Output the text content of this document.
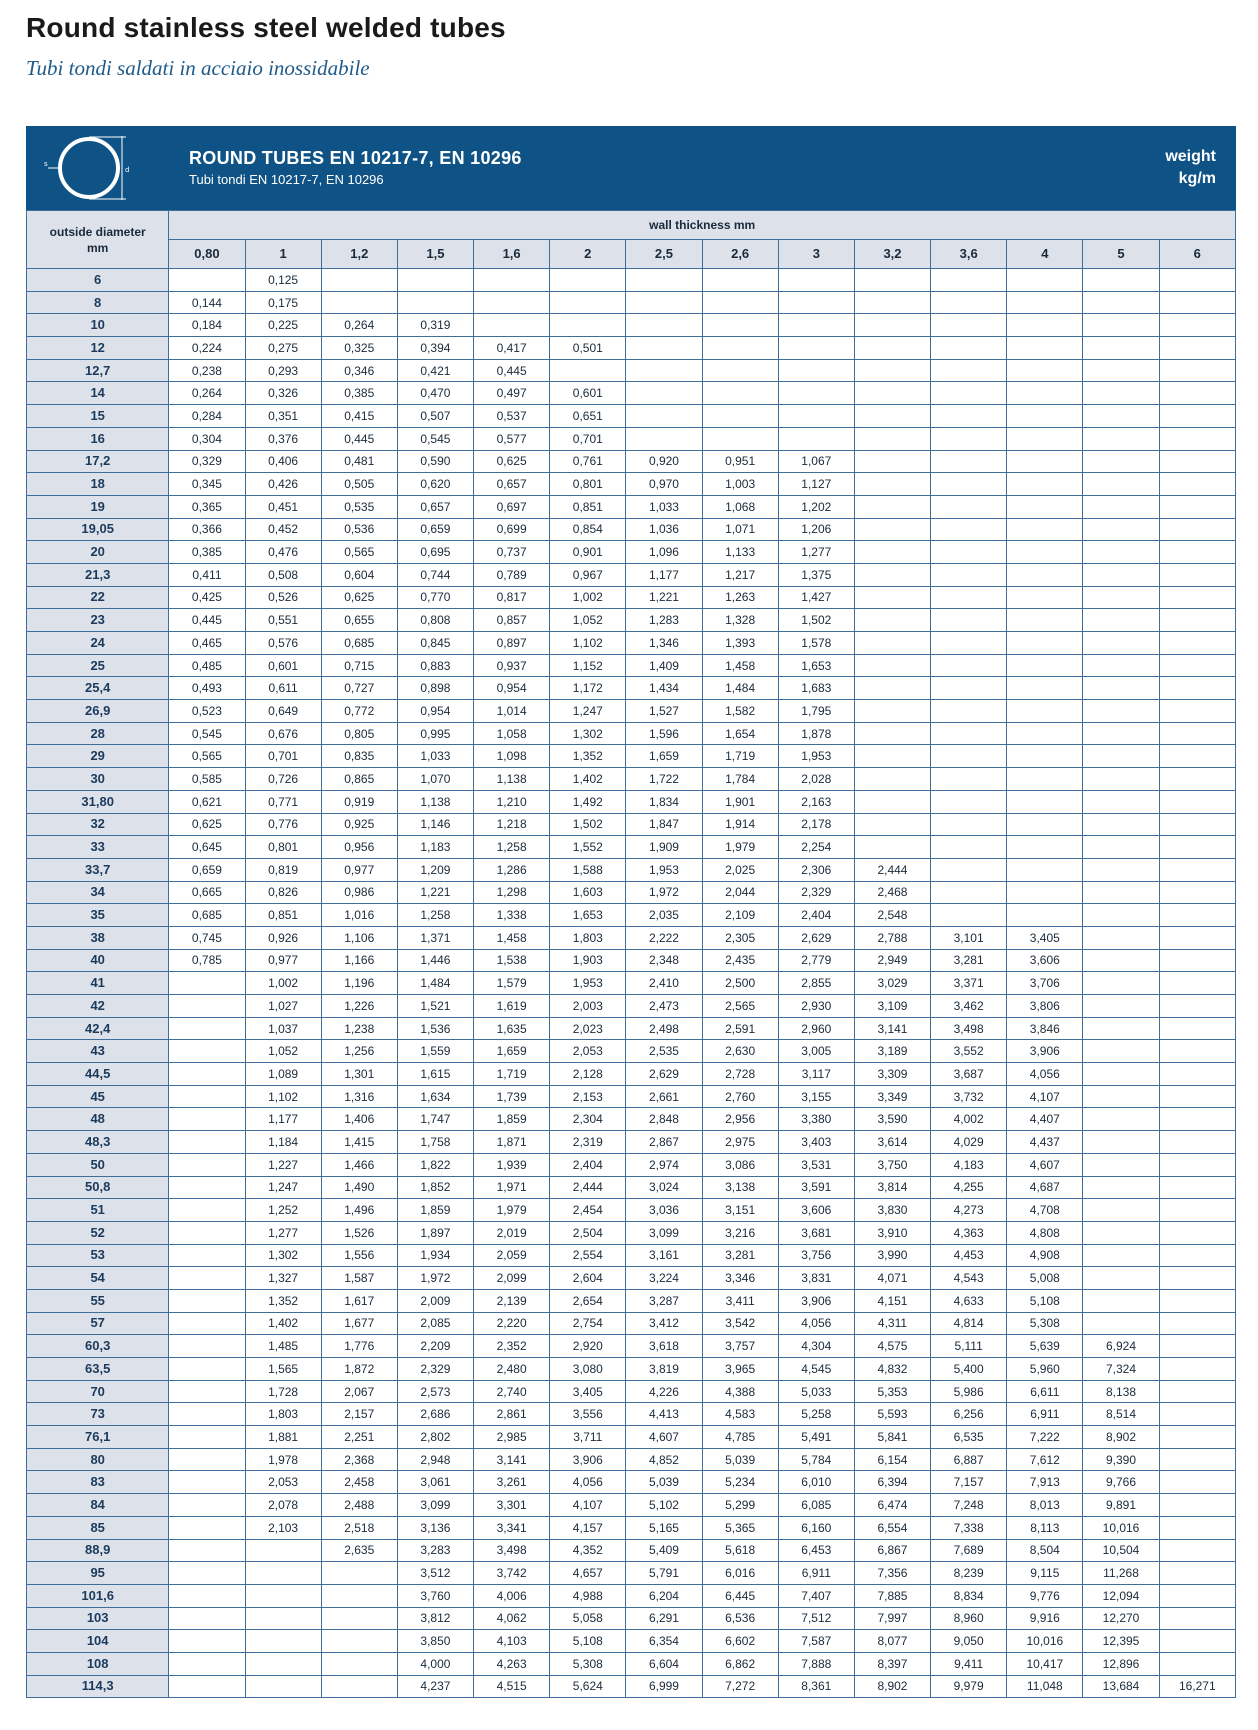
Round stainless steel welded tubes
Tubi tondi saldati in acciaio inossidabile
s
d
ROUND TUBES EN 10217-7, EN 10296
Tubi tondi EN 10217-7, EN 10296
weight
kg/m
outside diameter
mm	wall thickness mm													
	0,80	1	1,2	1,5	1,6	2	2,5	2,6	3	3,2	3,6	4	5	6
6		0,125												
8	0,144	0,175												
10	0,184	0,225	0,264	0,319										
12	0,224	0,275	0,325	0,394	0,417	0,501								
12,7	0,238	0,293	0,346	0,421	0,445									
14	0,264	0,326	0,385	0,470	0,497	0,601								
15	0,284	0,351	0,415	0,507	0,537	0,651								
16	0,304	0,376	0,445	0,545	0,577	0,701								
17,2	0,329	0,406	0,481	0,590	0,625	0,761	0,920	0,951	1,067					
18	0,345	0,426	0,505	0,620	0,657	0,801	0,970	1,003	1,127					
19	0,365	0,451	0,535	0,657	0,697	0,851	1,033	1,068	1,202					
19,05	0,366	0,452	0,536	0,659	0,699	0,854	1,036	1,071	1,206					
20	0,385	0,476	0,565	0,695	0,737	0,901	1,096	1,133	1,277					
21,3	0,411	0,508	0,604	0,744	0,789	0,967	1,177	1,217	1,375					
22	0,425	0,526	0,625	0,770	0,817	1,002	1,221	1,263	1,427					
23	0,445	0,551	0,655	0,808	0,857	1,052	1,283	1,328	1,502					
24	0,465	0,576	0,685	0,845	0,897	1,102	1,346	1,393	1,578					
25	0,485	0,601	0,715	0,883	0,937	1,152	1,409	1,458	1,653					
25,4	0,493	0,611	0,727	0,898	0,954	1,172	1,434	1,484	1,683					
26,9	0,523	0,649	0,772	0,954	1,014	1,247	1,527	1,582	1,795					
28	0,545	0,676	0,805	0,995	1,058	1,302	1,596	1,654	1,878					
29	0,565	0,701	0,835	1,033	1,098	1,352	1,659	1,719	1,953					
30	0,585	0,726	0,865	1,070	1,138	1,402	1,722	1,784	2,028					
31,80	0,621	0,771	0,919	1,138	1,210	1,492	1,834	1,901	2,163					
32	0,625	0,776	0,925	1,146	1,218	1,502	1,847	1,914	2,178					
33	0,645	0,801	0,956	1,183	1,258	1,552	1,909	1,979	2,254					
33,7	0,659	0,819	0,977	1,209	1,286	1,588	1,953	2,025	2,306	2,444				
34	0,665	0,826	0,986	1,221	1,298	1,603	1,972	2,044	2,329	2,468				
35	0,685	0,851	1,016	1,258	1,338	1,653	2,035	2,109	2,404	2,548				
38	0,745	0,926	1,106	1,371	1,458	1,803	2,222	2,305	2,629	2,788	3,101	3,405		
40	0,785	0,977	1,166	1,446	1,538	1,903	2,348	2,435	2,779	2,949	3,281	3,606		
41		1,002	1,196	1,484	1,579	1,953	2,410	2,500	2,855	3,029	3,371	3,706		
42		1,027	1,226	1,521	1,619	2,003	2,473	2,565	2,930	3,109	3,462	3,806		
42,4		1,037	1,238	1,536	1,635	2,023	2,498	2,591	2,960	3,141	3,498	3,846		
43		1,052	1,256	1,559	1,659	2,053	2,535	2,630	3,005	3,189	3,552	3,906		
44,5		1,089	1,301	1,615	1,719	2,128	2,629	2,728	3,117	3,309	3,687	4,056		
45		1,102	1,316	1,634	1,739	2,153	2,661	2,760	3,155	3,349	3,732	4,107		
48		1,177	1,406	1,747	1,859	2,304	2,848	2,956	3,380	3,590	4,002	4,407		
48,3		1,184	1,415	1,758	1,871	2,319	2,867	2,975	3,403	3,614	4,029	4,437		
50		1,227	1,466	1,822	1,939	2,404	2,974	3,086	3,531	3,750	4,183	4,607		
50,8		1,247	1,490	1,852	1,971	2,444	3,024	3,138	3,591	3,814	4,255	4,687		
51		1,252	1,496	1,859	1,979	2,454	3,036	3,151	3,606	3,830	4,273	4,708		
52		1,277	1,526	1,897	2,019	2,504	3,099	3,216	3,681	3,910	4,363	4,808		
53		1,302	1,556	1,934	2,059	2,554	3,161	3,281	3,756	3,990	4,453	4,908		
54		1,327	1,587	1,972	2,099	2,604	3,224	3,346	3,831	4,071	4,543	5,008		
55		1,352	1,617	2,009	2,139	2,654	3,287	3,411	3,906	4,151	4,633	5,108		
57		1,402	1,677	2,085	2,220	2,754	3,412	3,542	4,056	4,311	4,814	5,308		
60,3		1,485	1,776	2,209	2,352	2,920	3,618	3,757	4,304	4,575	5,111	5,639	6,924	
63,5		1,565	1,872	2,329	2,480	3,080	3,819	3,965	4,545	4,832	5,400	5,960	7,324	
70		1,728	2,067	2,573	2,740	3,405	4,226	4,388	5,033	5,353	5,986	6,611	8,138	
73		1,803	2,157	2,686	2,861	3,556	4,413	4,583	5,258	5,593	6,256	6,911	8,514	
76,1		1,881	2,251	2,802	2,985	3,711	4,607	4,785	5,491	5,841	6,535	7,222	8,902	
80		1,978	2,368	2,948	3,141	3,906	4,852	5,039	5,784	6,154	6,887	7,612	9,390	
83		2,053	2,458	3,061	3,261	4,056	5,039	5,234	6,010	6,394	7,157	7,913	9,766	
84		2,078	2,488	3,099	3,301	4,107	5,102	5,299	6,085	6,474	7,248	8,013	9,891	
85		2,103	2,518	3,136	3,341	4,157	5,165	5,365	6,160	6,554	7,338	8,113	10,016	
88,9			2,635	3,283	3,498	4,352	5,409	5,618	6,453	6,867	7,689	8,504	10,504	
95				3,512	3,742	4,657	5,791	6,016	6,911	7,356	8,239	9,115	11,268	
101,6				3,760	4,006	4,988	6,204	6,445	7,407	7,885	8,834	9,776	12,094	
103				3,812	4,062	5,058	6,291	6,536	7,512	7,997	8,960	9,916	12,270	
104				3,850	4,103	5,108	6,354	6,602	7,587	8,077	9,050	10,016	12,395	
108				4,000	4,263	5,308	6,604	6,862	7,888	8,397	9,411	10,417	12,896	
114,3				4,237	4,515	5,624	6,999	7,272	8,361	8,902	9,979	11,048	13,684	16,271
